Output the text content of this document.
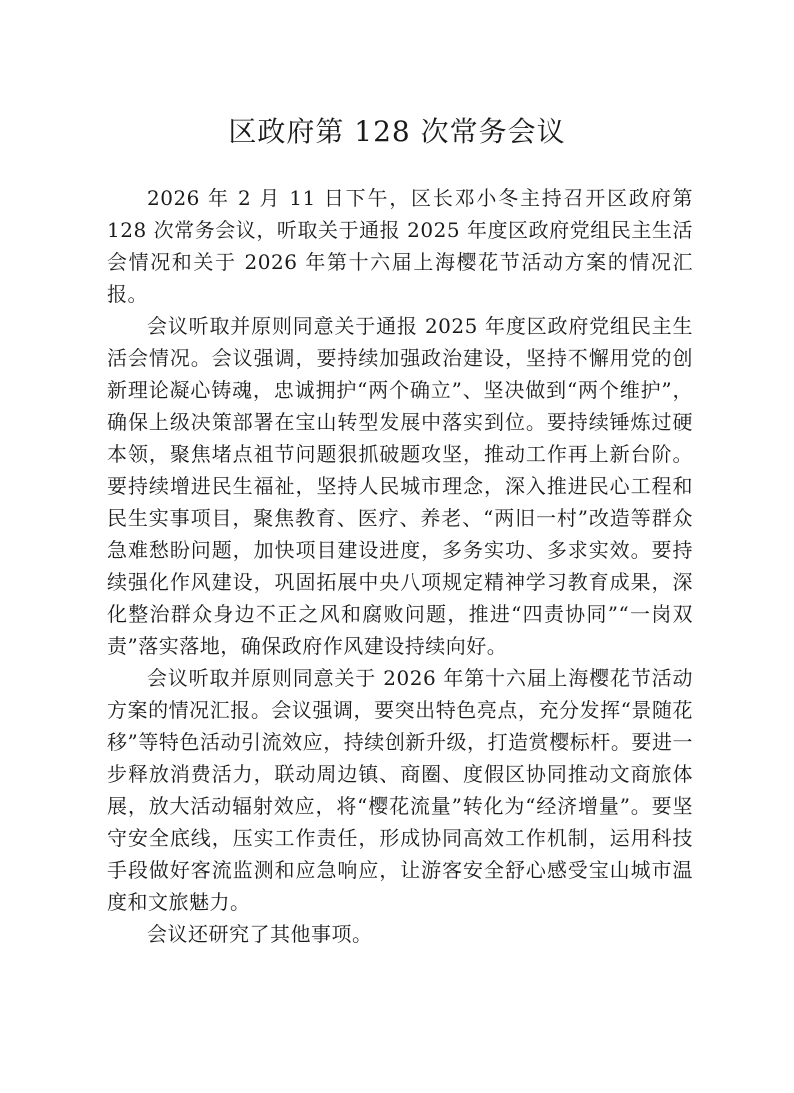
区政府第 128 次常务会议

2026 年 2 月 11 日下午，区长邓小冬主持召开区政府第 128 次常务会议，听取关于通报 2025 年度区政府党组民主生活会情况和关于 2026 年第十六届上海樱花节活动方案的情况汇报。

会议听取并原则同意关于通报 2025 年度区政府党组民主生活会情况。会议强调，要持续加强政治建设，坚持不懈用党的创新理论凝心铸魂，忠诚拥护“两个确立”、坚决做到“两个维护”，确保上级决策部署在宝山转型发展中落实到位。要持续锤炼过硬本领，聚焦堵点祖节问题狠抓破题攻坚，推动工作再上新台阶。要持续增进民生福祉，坚持人民城市理念，深入推进民心工程和民生实事项目，聚焦教育、医疗、养老、“两旧一村”改造等群众急难愁盼问题，加快项目建设进度，多务实功、多求实效。要持续强化作风建设，巩固拓展中央八项规定精神学习教育成果，深化整治群众身边不正之风和腐败问题，推进“四责协同”“一岗双责”落实落地，确保政府作风建设持续向好。

会议听取并原则同意关于 2026 年第十六届上海樱花节活动方案的情况汇报。会议强调，要突出特色亮点，充分发挥“景随花移”等特色活动引流效应，持续创新升级，打造赏樱标杆。要进一步释放消费活力，联动周边镇、商圈、度假区协同推动文商旅体展，放大活动辐射效应，将“樱花流量”转化为“经济增量”。要坚守安全底线，压实工作责任，形成协同高效工作机制，运用科技手段做好客流监测和应急响应，让游客安全舒心感受宝山城市温度和文旅魅力。

会议还研究了其他事项。
